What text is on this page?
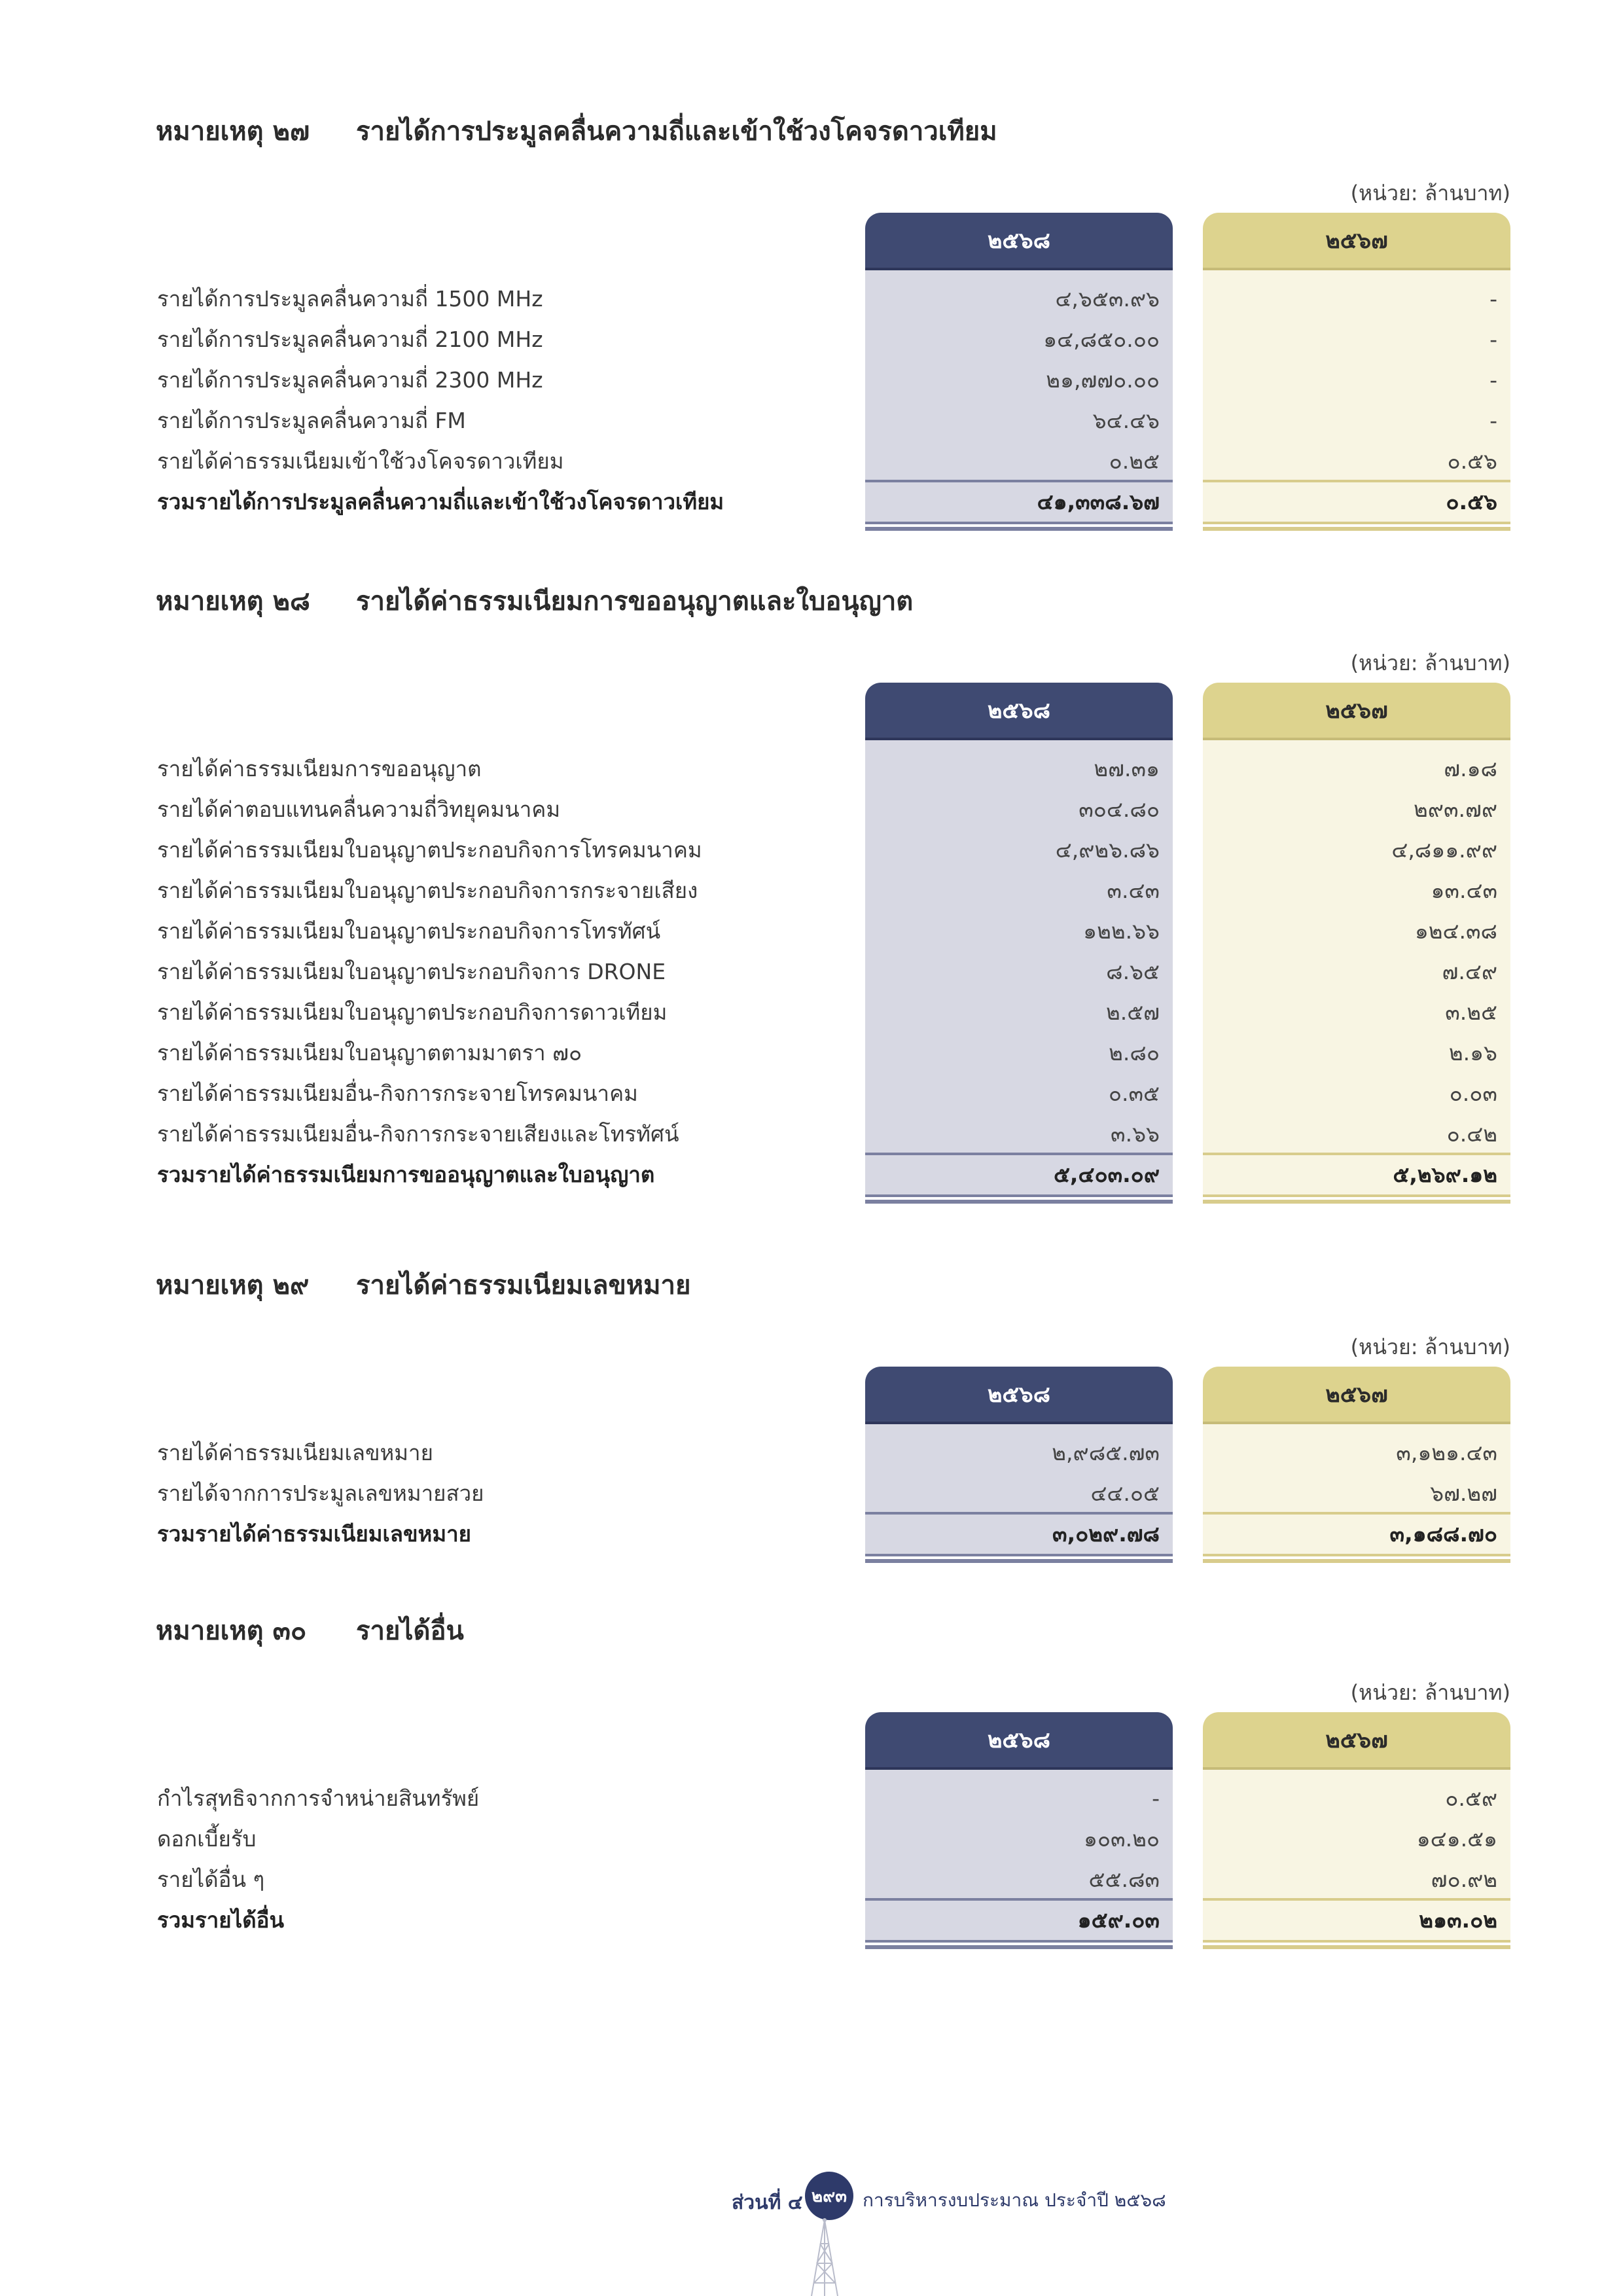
หมายเหตุ ๒๗	รายได้การประมูลคลื่นความถี่และเข้าใช้วงโคจรดาวเทียม
(หน่วย: ล้านบาท)
๒๕๖๘	๒๕๖๗
รายได้การประมูลคลื่นความถี่ 1500 MHz	๔,๖๕๓.๙๖	-
รายได้การประมูลคลื่นความถี่ 2100 MHz	๑๔,๘๕๐.๐๐	-
รายได้การประมูลคลื่นความถี่ 2300 MHz	๒๑,๗๗๐.๐๐	-
รายได้การประมูลคลื่นความถี่ FM	๖๔.๔๖	-
รายได้ค่าธรรมเนียมเข้าใช้วงโคจรดาวเทียม	๐.๒๕	๐.๕๖
รวมรายได้การประมูลคลื่นความถี่และเข้าใช้วงโคจรดาวเทียม	๔๑,๓๓๘.๖๗	๐.๕๖
หมายเหตุ ๒๘	รายได้ค่าธรรมเนียมการขออนุญาตและใบอนุญาต
(หน่วย: ล้านบาท)
๒๕๖๘	๒๕๖๗
รายได้ค่าธรรมเนียมการขออนุญาต	๒๗.๓๑	๗.๑๘
รายได้ค่าตอบแทนคลื่นความถี่วิทยุคมนาคม	๓๐๔.๘๐	๒๙๓.๗๙
รายได้ค่าธรรมเนียมใบอนุญาตประกอบกิจการโทรคมนาคม	๔,๙๒๖.๘๖	๔,๘๑๑.๙๙
รายได้ค่าธรรมเนียมใบอนุญาตประกอบกิจการกระจายเสียง	๓.๔๓	๑๓.๔๓
รายได้ค่าธรรมเนียมใบอนุญาตประกอบกิจการโทรทัศน์	๑๒๒.๖๖	๑๒๔.๓๘
รายได้ค่าธรรมเนียมใบอนุญาตประกอบกิจการ DRONE	๘.๖๕	๗.๔๙
รายได้ค่าธรรมเนียมใบอนุญาตประกอบกิจการดาวเทียม	๒.๕๗	๓.๒๕
รายได้ค่าธรรมเนียมใบอนุญาตตามมาตรา ๗๐	๒.๘๐	๒.๑๖
รายได้ค่าธรรมเนียมอื่น-กิจการกระจายโทรคมนาคม	๐.๓๕	๐.๐๓
รายได้ค่าธรรมเนียมอื่น-กิจการกระจายเสียงและโทรทัศน์	๓.๖๖	๐.๔๒
รวมรายได้ค่าธรรมเนียมการขออนุญาตและใบอนุญาต	๕,๔๐๓.๐๙	๕,๒๖๙.๑๒
หมายเหตุ ๒๙	รายได้ค่าธรรมเนียมเลขหมาย
(หน่วย: ล้านบาท)
๒๕๖๘	๒๕๖๗
รายได้ค่าธรรมเนียมเลขหมาย	๒,๙๘๕.๗๓	๓,๑๒๑.๔๓
รายได้จากการประมูลเลขหมายสวย	๔๔.๐๕	๖๗.๒๗
รวมรายได้ค่าธรรมเนียมเลขหมาย	๓,๐๒๙.๗๘	๓,๑๘๘.๗๐
หมายเหตุ ๓๐	รายได้อื่น
(หน่วย: ล้านบาท)
๒๕๖๘	๒๕๖๗
กำไรสุทธิจากการจำหน่ายสินทรัพย์	-	๐.๕๙
ดอกเบี้ยรับ	๑๐๓.๒๐	๑๔๑.๕๑
รายได้อื่น ๆ	๕๕.๘๓	๗๐.๙๒
รวมรายได้อื่น	๑๕๙.๐๓	๒๑๓.๐๒
ส่วนที่ ๔ ๒๙๓ การบริหารงบประมาณ ประจำปี ๒๕๖๘
